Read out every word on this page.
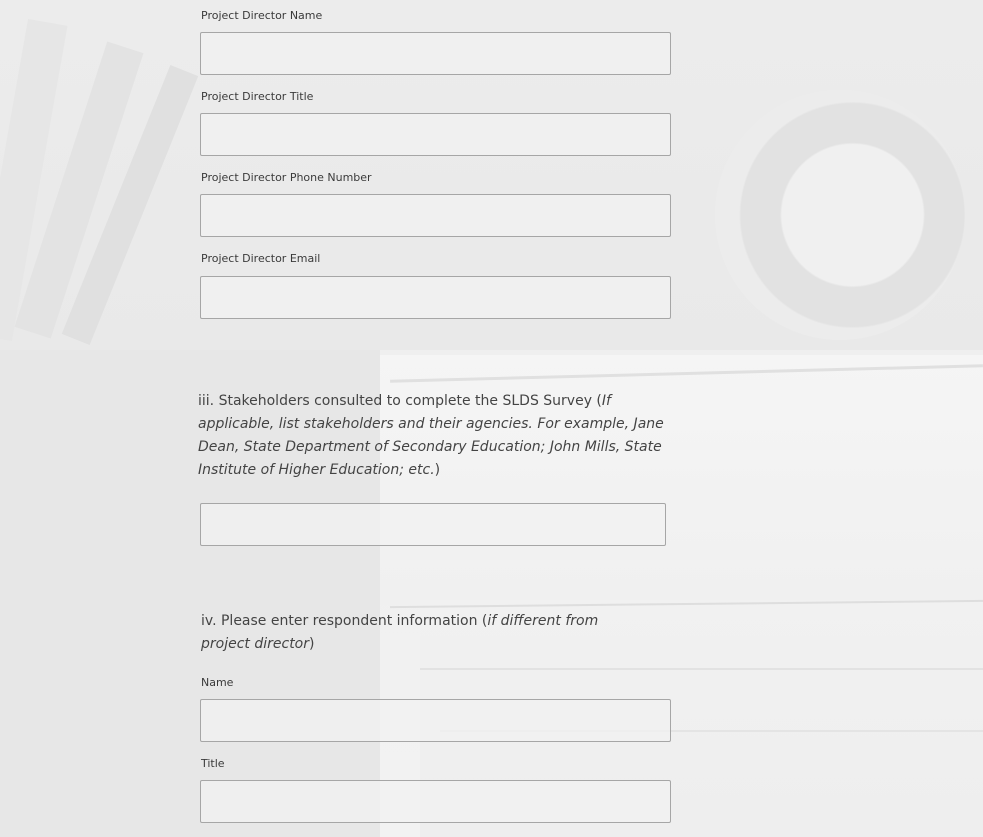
Project Director Name
Project Director Title
Project Director Phone Number
Project Director Email
iii. Stakeholders consulted to complete the SLDS Survey (If applicable, list stakeholders and their agencies. For example, Jane Dean, State Department of Secondary Education; John Mills, State Institute of Higher Education; etc.)
iv. Please enter respondent information (if different from project director)
Name
Title
